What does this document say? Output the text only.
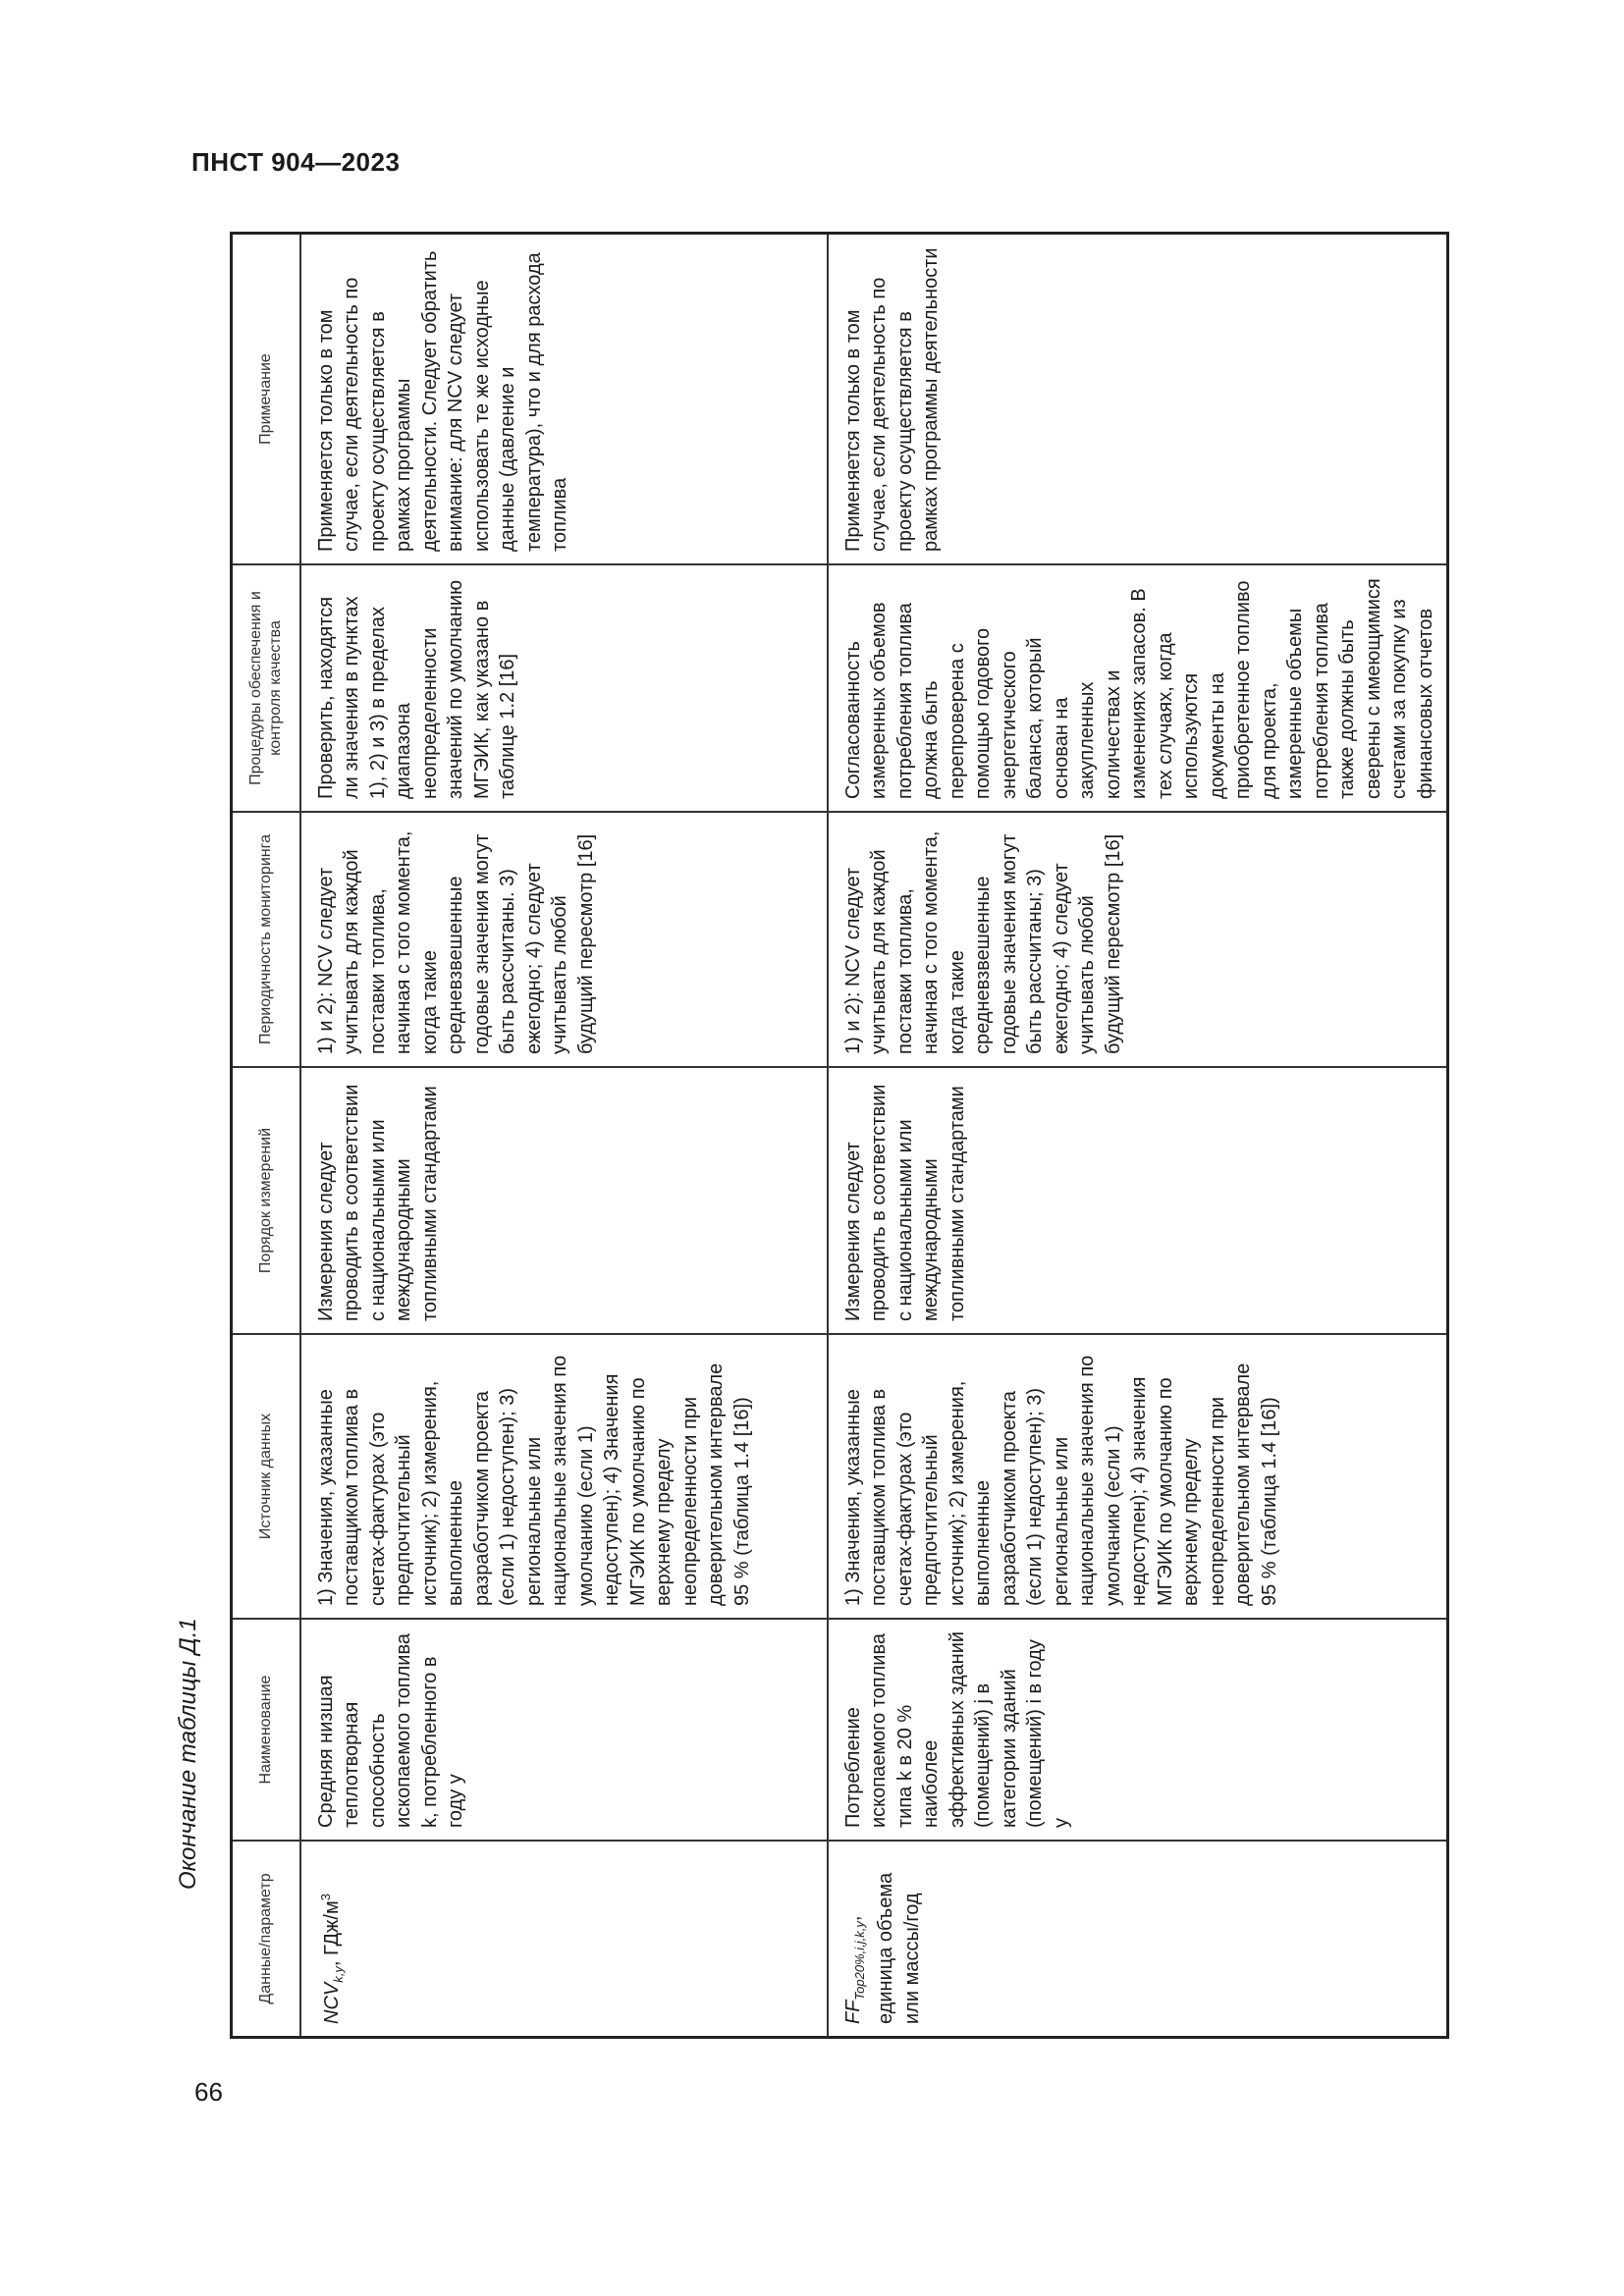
ПНСТ 904—2023
66
Окончание таблицы Д.1
Данные/параметр
Наименование
Источник данных
Порядок измерений
Периодичность мониторинга
Процедуры обеспечения и контроля качества
Примечание
$NCV_{k,y}$, ГДж/$м^3$
Средняя низшая теплотворная способность ископаемого топлива k, потребленного в году y
1) Значения, указанные поставщиком топлива в счетах-фактурах (это предпочтительный источник); 2) измерения, выполненные разработчиком проекта (если 1) недоступен); 3) региональные или национальные значения по умолчанию (если 1) недоступен); 4) Значения МГЭИК по умолчанию по верхнему пределу неопределенности при доверительном интервале 95 % (таблица 1.4 [16])
Измерения следует проводить в соответствии с национальными или международными топливными стандартами
1) и 2): NCV следует учитывать для каждой поставки топлива, начиная с того момента, когда такие средневзвешенные годовые значения могут быть рассчитаны. 3) ежегодно; 4) следует учитывать любой будущий пересмотр [16]
Проверить, находятся ли значения в пунктах 1), 2) и 3) в пределах диапазона неопределенности значений по умолчанию МГЭИК, как указано в таблице 1.2 [16]
Применяется только в том случае, если деятельность по проекту осуществляется в рамках программы деятельности. Следует обратить внимание: для NCV следует использовать те же исходные данные (давление и температура), что и для расхода топлива
$FF_{Top20\%,i,j,k,y}$, единица объема или массы/год
Потребление ископаемого топлива типа k в 20 % наиболее эффективных зданий (помещений) j в категории зданий (помещений) i в году y
1) Значения, указанные поставщиком топлива в счетах-фактурах (это предпочтительный источник); 2) измерения, выполненные разработчиком проекта (если 1) недоступен); 3) региональные или национальные значения по умолчанию (если 1) недоступен); 4) значения МГЭИК по умолчанию по верхнему пределу неопределенности при доверительном интервале 95 % (таблица 1.4 [16])
Измерения следует проводить в соответствии с национальными или международными топливными стандартами
1) и 2): NCV следует учитывать для каждой поставки топлива, начиная с того момента, когда такие средневзвешенные годовые значения могут быть рассчитаны; 3) ежегодно; 4) следует учитывать любой будущий пересмотр [16]
Согласованность измеренных объемов потребления топлива должна быть перепроверена с помощью годового энергетического баланса, который основан на закупленных количествах и изменениях запасов. В тех случаях, когда используются документы на приобретенное топливо для проекта, измеренные объемы потребления топлива также должны быть сверены с имеющимися счетами за покупку из финансовых отчетов
Применяется только в том случае, если деятельность по проекту осуществляется в рамках программы деятельности
